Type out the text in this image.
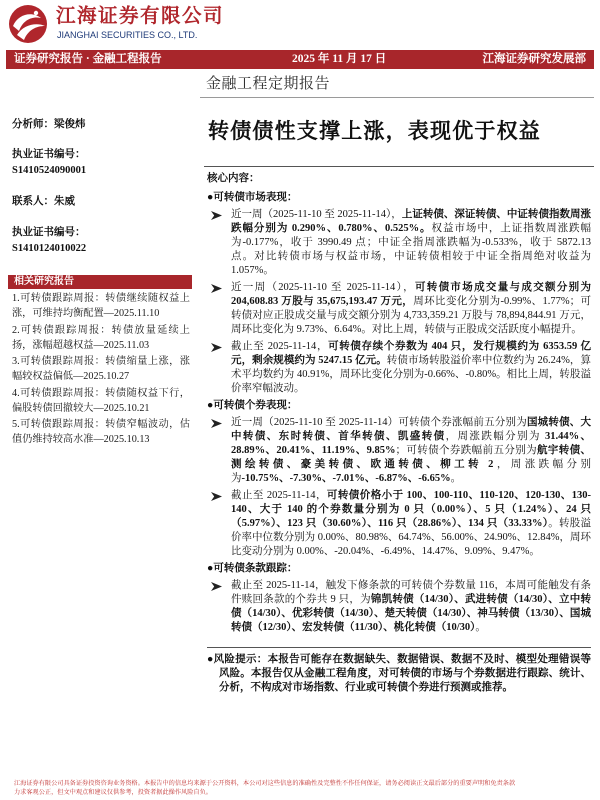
江海证券有限公司
JIANGHAI SECURITIES CO., LTD.
证券研究报告 · 金融工程报告	2025 年 11 月 17 日	江海证券研究发展部
金融工程定期报告
分析师：梁俊炜
执业证书编号：
S1410524090001
联系人：朱威
执业证书编号：
S1410124010022
相关研究报告
1.可转债跟踪周报：转债继续随权益上涨，可维持均衡配置—2025.11.10
2.可转债跟踪周报：转债放量延续上扬，涨幅超越权益—2025.11.03
3.可转债跟踪周报：转债缩量上涨，涨幅较权益偏低—2025.10.27
4.可转债跟踪周报：转债随权益下行，偏股转债回撤较大—2025.10.21
5.可转债跟踪周报：转债窄幅波动，估值仍维持较高水准—2025.10.13
转债债性支撑上涨，表现优于权益
核心内容：
●可转债市场表现：
近一周（2025-11-10 至 2025-11-14），上证转债、深证转债、中证转债指数周涨跌幅分别为 0.290%、0.780%、0.525%。权益市场中，上证指数周涨跌幅为-0.177%，收于 3990.49 点；中证全指周涨跌幅为-0.533%，收于 5872.13 点。对比转债市场与权益市场，中证转债相较于中证全指周绝对收益为 1.057%。
近一周（2025-11-10 至 2025-11-14），可转债市场成交量与成交额分别为 204,608.83 万股与 35,675,193.47 万元，周环比变化分别为-0.99%、1.77%；可转债对应正股成交量与成交额分别为 4,733,359.21 万股与 78,894,844.91 万元，周环比变化为 9.73%、6.64%。对比上周，转债与正股成交活跃度小幅提升。
截止至 2025-11-14，可转债存续个券数为 404 只，发行规模约为 6353.59 亿元，剩余规模约为 5247.15 亿元。转债市场转股溢价率中位数约为 26.24%，算术平均数约为 40.91%，周环比变化分别为-0.66%、-0.80%。相比上周，转股溢价率窄幅波动。
●可转债个券表现：
近一周（2025-11-10 至 2025-11-14）可转债个券涨幅前五分别为国城转债、大中转债、东时转债、首华转债、凯盛转债，周涨跌幅分别为 31.44%、28.89%、20.41%、11.19%、9.85%；可转债个券跌幅前五分别为航宇转债、测绘转债、豪美转债、欧通转债、柳工转 2，周涨跌幅分别为-10.75%、-7.30%、-7.01%、-6.87%、-6.65%。
截止至 2025-11-14，可转债价格小于 100、100-110、110-120、120-130、130-140、大于 140 的个券数量分别为 0 只（0.00%）、5 只（1.24%）、24 只（5.97%）、123 只（30.60%）、116 只（28.86%）、134 只（33.33%）。转股溢价率中位数分别为 0.00%、80.98%、64.74%、56.00%、24.90%、12.84%，周环比变动分别为 0.00%、-20.04%、-6.49%、14.47%、9.09%、9.47%。
●可转债条款跟踪：
截止至 2025-11-14，触发下修条款的可转债个券数量 116，本周可能触发有条件赎回条款的个券共 9 只，为锦凯转债（14/30）、武进转债（14/30）、立中转债（14/30）、优彩转债（14/30）、楚天转债（14/30）、神马转债（13/30）、国城转债（12/30）、宏发转债（11/30）、桃化转债（10/30）。
●风险提示：本报告可能存在数据缺失、数据错误、数据不及时、模型处理错误等风险。本报告仅从金融工程角度，对可转债的市场与个券数据进行跟踪、统计、分析，不构成对市场指数、行业或可转债个券进行预测或推荐。
江海证券有限公司具备证券投资咨询业务资格。本报告中的信息均来源于公开资料，本公司对这些信息的准确性及完整性不作任何保证，请务必阅读正文最后部分的重要声明和免责条款
力求客观公正，但文中观点和建议仅供参考，投资者据此操作风险自负。
